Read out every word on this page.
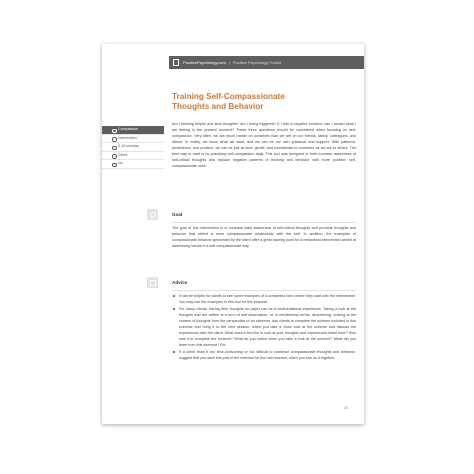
PositivePsychology.com | Positive Psychology Toolkit
Training Self-Compassionate
Thoughts and Behavior
Compassion
Intervention
5-10 min/day
Client
No
Am I thinking helpful and kind thoughts? Am I being triggered? If I feel a negative emotion, can I accept what I am feeling in the present moment? These three questions should be considered when focusing on self-compassion. Very often, we are much harder on ourselves than we are on our friends, family, colleagues, and others. In reality, we know what we want, and we can be our own guidance and support. With patience, persistence, and practice, we can be just as kind, gentle, and considerate to ourselves as we are to others. The best way to start is by practicing self-compassion daily. This tool was designed to both increase awareness of self-critical thoughts and replace negative patterns of thinking and behavior with more positive, self-compassionate ones.
Goal
The goal of this intervention is to increase daily awareness of self-critical thoughts and promote thoughts and behavior that reflect a more compassionate relationship with the self. In addition, the examples of compassionate behavior generated by the client offer a great starting point for a behavioral intervention aimed at addressing issues in a self-compassionate way.
Advice
It can be helpful for clients to see some examples of a completed form before they start with the intervention. You may use the examples in this tool for this purpose.
For many clients, having their thoughts on paper can be a confrontational experience. Taking a look at the thoughts that are written is a form of self-observation, or, in mindfulness terms, decentering: looking at the content of thoughts from the perspective of an observer. Ask clients to complete the scheme included in this exercise and bring it to the next session, when you take a close look at the scheme and discuss the experiences with the client: What does it feel like to look at your thoughts and experiences listed here? How was it to complete the scheme? What do you notice when you take a look at the scheme? What did you learn from this exercise? Etc.
If a client finds it too time-consuming or too difficult to construct compassionate thoughts and behavior, suggest that you save this part of the exercise for the next session, when you can do it together.
20
